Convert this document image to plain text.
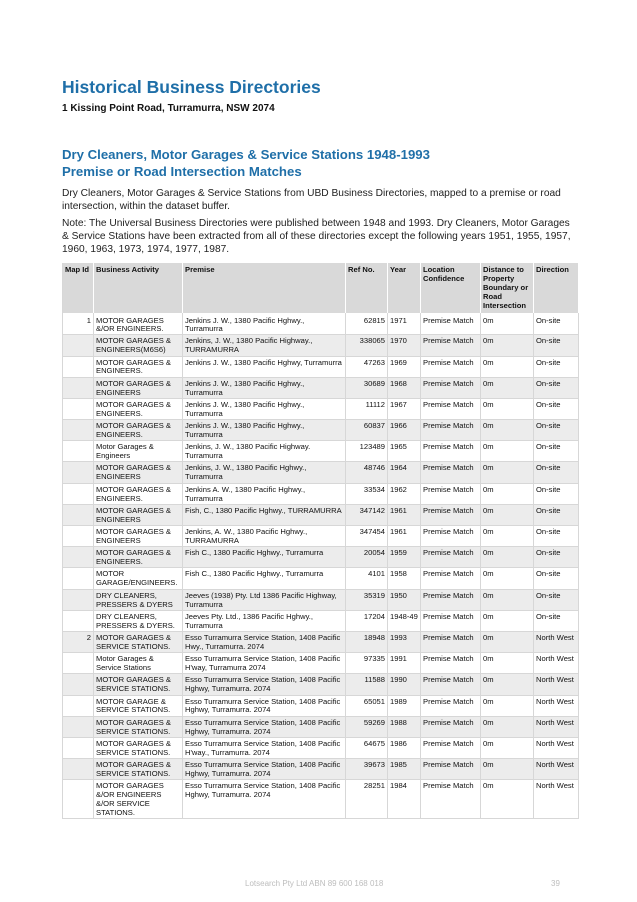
Historical Business Directories
1 Kissing Point Road, Turramurra, NSW 2074
Dry Cleaners, Motor Garages & Service Stations 1948-1993
Premise or Road Intersection Matches
Dry Cleaners, Motor Garages & Service Stations from UBD Business Directories, mapped to a premise or road intersection, within the dataset buffer.
Note: The Universal Business Directories were published between 1948 and 1993. Dry Cleaners, Motor Garages & Service Stations have been extracted from all of these directories except the following years 1951, 1955, 1957, 1960, 1963, 1973, 1974, 1977, 1987.
Map Id	Business Activity	Premise	Ref No.	Year	Location Confidence	Distance to Property Boundary or Road Intersection	Direction
1	MOTOR GARAGES &/OR ENGINEERS.	Jenkins J. W., 1380 Pacific Hghwy., Turramurra	62815	1971	Premise Match	0m	On-site
	MOTOR GARAGES & ENGINEERS(M6S6)	Jenkins, J. W., 1380 Pacific Highway., TURRAMURRA	338065	1970	Premise Match	0m	On-site
	MOTOR GARAGES & ENGINEERS.	Jenkins J. W., 1380 Pacific Hghwy, Turramurra	47263	1969	Premise Match	0m	On-site
	MOTOR GARAGES & ENGINEERS	Jenkins J. W., 1380 Pacific Hghwy., Turramurra	30689	1968	Premise Match	0m	On-site
	MOTOR GARAGES & ENGINEERS.	Jenkins J. W., 1380 Pacific Hghwy., Turramurra	11112	1967	Premise Match	0m	On-site
	MOTOR GARAGES & ENGINEERS.	Jenkins J. W., 1380 Pacific Hghwy., Turramurra	60837	1966	Premise Match	0m	On-site
	Motor Garages & Engineers	Jenkins, J. W., 1380 Pacific Highway. Turramurra	123489	1965	Premise Match	0m	On-site
	MOTOR GARAGES & ENGINEERS	Jenkins, J. W., 1380 Pacific Hghwy., Turramurra	48746	1964	Premise Match	0m	On-site
	MOTOR GARAGES & ENGINEERS.	Jenkins A. W., 1380 Pacific Hghwy., Turramurra	33534	1962	Premise Match	0m	On-site
	MOTOR GARAGES & ENGINEERS	Fish, C., 1380 Pacific Hghwy., TURRAMURRA	347142	1961	Premise Match	0m	On-site
	MOTOR GARAGES & ENGINEERS	Jenkins, A. W., 1380 Pacific Hghwy., TURRAMURRA	347454	1961	Premise Match	0m	On-site
	MOTOR GARAGES & ENGINEERS.	Fish C., 1380 Pacific Hghwy., Turramurra	20054	1959	Premise Match	0m	On-site
	MOTOR GARAGE/ENGINEERS.	Fish C., 1380 Pacific Hghwy., Turramurra	4101	1958	Premise Match	0m	On-site
	DRY CLEANERS, PRESSERS & DYERS	Jeeves (1938) Pty. Ltd 1386 Pacific Highway, Turramurra	35319	1950	Premise Match	0m	On-site
	DRY CLEANERS, PRESSERS & DYERS.	Jeeves Pty. Ltd., 1386 Pacific Hghwy., Turramurra	17204	1948-49	Premise Match	0m	On-site
2	MOTOR GARAGES & SERVICE STATIONS.	Esso Turramurra Service Station, 1408 Pacific Hwy., Turramurra. 2074	18948	1993	Premise Match	0m	North West
	Motor Garages & Service Stations	Esso Turramurra Service Station, 1408 Pacific H'way, Turramurra 2074	97335	1991	Premise Match	0m	North West
	MOTOR GARAGES & SERVICE STATIONS.	Esso Turramurra Service Station, 1408 Pacific Hghwy, Turramurra. 2074	11588	1990	Premise Match	0m	North West
	MOTOR GARAGE & SERVICE STATIONS.	Esso Turramurra Service Station, 1408 Pacific Hghwy, Turramurra. 2074	65051	1989	Premise Match	0m	North West
	MOTOR GARAGES & SERVICE STATIONS.	Esso Turramurra Service Station, 1408 Pacific Hghwy, Turramurra. 2074	59269	1988	Premise Match	0m	North West
	MOTOR GARAGES & SERVICE STATIONS.	Esso Turramurra Service Station, 1408 Pacific H'way., Turramurra. 2074	64675	1986	Premise Match	0m	North West
	MOTOR GARAGES & SERVICE STATIONS.	Esso Turramurra Service Station, 1408 Pacific Hghwy, Turramurra. 2074	39673	1985	Premise Match	0m	North West
	MOTOR GARAGES &/OR ENGINEERS &/OR SERVICE STATIONS.	Esso Turramurra Service Station, 1408 Pacific Hghwy, Turramurra. 2074	28251	1984	Premise Match	0m	North West
Lotsearch Pty Ltd ABN 89 600 168 018	39
